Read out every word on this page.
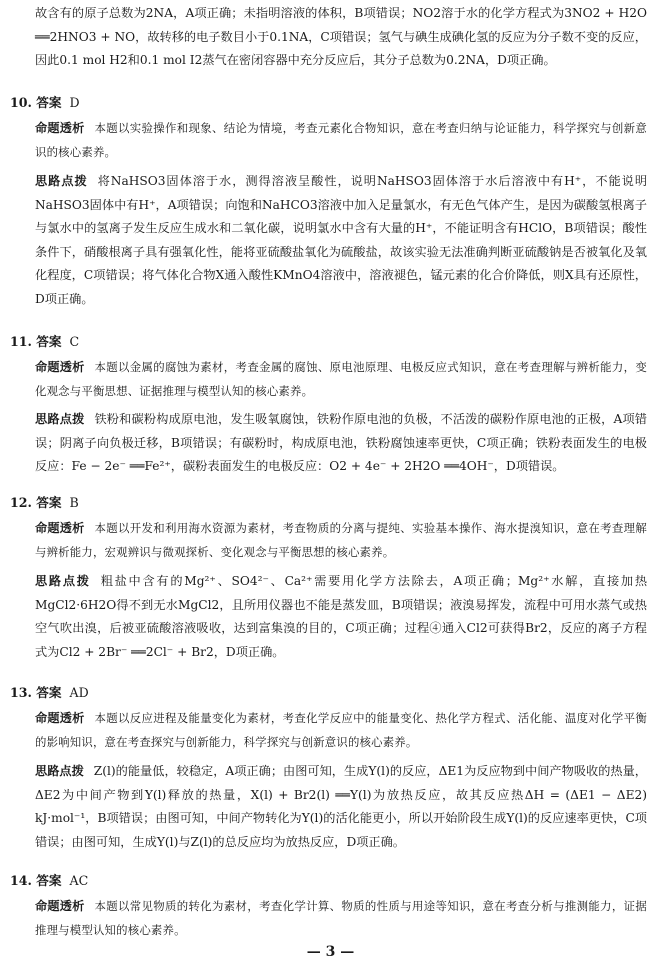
故含有的原子总数为2NA，A项正确；未指明溶液的体积，B项错误；NO2溶于水的化学方程式为3NO2 + H2O ══2HNO3 + NO，故转移的电子数目小于0.1NA，C项错误；氢气与碘生成碘化氢的反应为分子数不变的反应，因此0.1 mol H2和0.1 mol I2蒸气在密闭容器中充分反应后，其分子总数为0.2NA，D项正确。

10. 答案 D

命题透析 本题以实验操作和现象、结论为情境，考查元素化合物知识，意在考查归纳与论证能力，科学探究与创新意识的核心素养。

思路点拨 将NaHSO3固体溶于水，测得溶液呈酸性，说明NaHSO3固体溶于水后溶液中有H⁺，不能说明NaHSO3固体中有H⁺，A项错误；向饱和NaHCO3溶液中加入足量氯水，有无色气体产生，是因为碳酸氢根离子与氯水中的氢离子发生反应生成水和二氧化碳，说明氯水中含有大量的H⁺，不能证明含有HClO，B项错误；酸性条件下，硝酸根离子具有强氧化性，能将亚硫酸盐氧化为硫酸盐，故该实验无法准确判断亚硫酸钠是否被氧化及氧化程度，C项错误；将气体化合物X通入酸性KMnO4溶液中，溶液褪色，锰元素的化合价降低，则X具有还原性，D项正确。

11. 答案 C

命题透析 本题以金属的腐蚀为素材，考查金属的腐蚀、原电池原理、电极反应式知识，意在考查理解与辨析能力，变化观念与平衡思想、证据推理与模型认知的核心素养。

思路点拨 铁粉和碳粉构成原电池，发生吸氧腐蚀，铁粉作原电池的负极，不活泼的碳粉作原电池的正极，A项错误；阴离子向负极迁移，B项错误；有碳粉时，构成原电池，铁粉腐蚀速率更快，C项正确；铁粉表面发生的电极反应：Fe − 2e⁻ ══Fe²⁺，碳粉表面发生的电极反应：O2 + 4e⁻ + 2H2O ══4OH⁻，D项错误。

12. 答案 B

命题透析 本题以开发和利用海水资源为素材，考查物质的分离与提纯、实验基本操作、海水提溴知识，意在考查理解与辨析能力，宏观辨识与微观探析、变化观念与平衡思想的核心素养。

思路点拨 粗盐中含有的Mg²⁺、SO4²⁻、Ca²⁺需要用化学方法除去，A项正确；Mg²⁺水解，直接加热MgCl2·6H2O得不到无水MgCl2，且所用仪器也不能是蒸发皿，B项错误；液溴易挥发，流程中可用水蒸气或热空气吹出溴，后被亚硫酸溶液吸收，达到富集溴的目的，C项正确；过程④通入Cl2可获得Br2，反应的离子方程式为Cl2 + 2Br⁻ ══2Cl⁻ + Br2，D项正确。

13. 答案 AD

命题透析 本题以反应进程及能量变化为素材，考查化学反应中的能量变化、热化学方程式、活化能、温度对化学平衡的影响知识，意在考查探究与创新能力，科学探究与创新意识的核心素养。

思路点拨 Z(l)的能量低，较稳定，A项正确；由图可知，生成Y(l)的反应，ΔE1为反应物到中间产物吸收的热量，ΔE2为中间产物到Y(l)释放的热量，X(l) + Br2(l) ══Y(l)为放热反应，故其反应热ΔH = (ΔE1 − ΔE2) kJ·mol⁻¹，B项错误；由图可知，中间产物转化为Y(l)的活化能更小，所以开始阶段生成Y(l)的反应速率更快，C项错误；由图可知，生成Y(l)与Z(l)的总反应均为放热反应，D项正确。

14. 答案 AC

命题透析 本题以常见物质的转化为素材，考查化学计算、物质的性质与用途等知识，意在考查分析与推测能力，证据推理与模型认知的核心素养。

— 3 —
